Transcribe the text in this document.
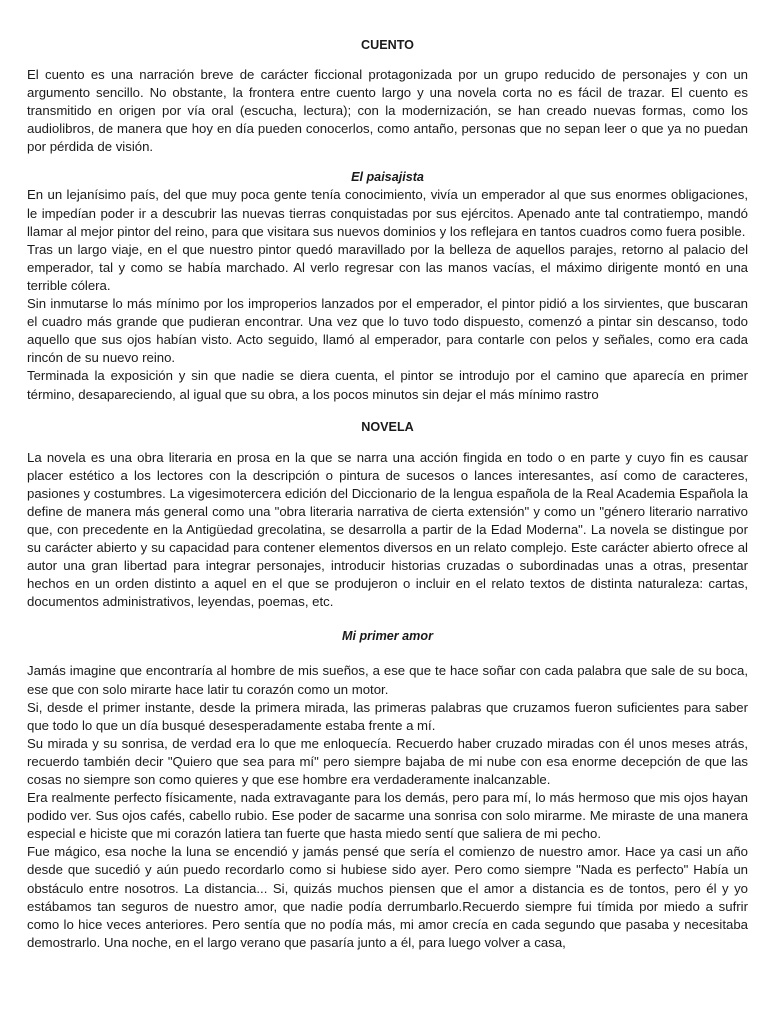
CUENTO

El cuento es una narración breve de carácter ficcional protagonizada por un grupo reducido de personajes y con un argumento sencillo. No obstante, la frontera entre cuento largo y una novela corta no es fácil de trazar. El cuento es transmitido en origen por vía oral (escucha, lectura); con la modernización, se han creado nuevas formas, como los audiolibros, de manera que hoy en día pueden conocerlos, como antaño, personas que no sepan leer o que ya no puedan por pérdida de visión.

El paisajista

En un lejanísimo país, del que muy poca gente tenía conocimiento, vivía un emperador al que sus enormes obligaciones, le impedían poder ir a descubrir las nuevas tierras conquistadas por sus ejércitos. Apenado ante tal contratiempo, mandó llamar al mejor pintor del reino, para que visitara sus nuevos dominios y los reflejara en tantos cuadros como fuera posible.

Tras un largo viaje, en el que nuestro pintor quedó maravillado por la belleza de aquellos parajes, retorno al palacio del emperador, tal y como se había marchado. Al verlo regresar con las manos vacías, el máximo dirigente montó en una terrible cólera.

Sin inmutarse lo más mínimo por los improperios lanzados por el emperador, el pintor pidió a los sirvientes, que buscaran el cuadro más grande que pudieran encontrar. Una vez que lo tuvo todo dispuesto, comenzó a pintar sin descanso, todo aquello que sus ojos habían visto. Acto seguido, llamó al emperador, para contarle con pelos y señales, como era cada rincón de su nuevo reino.

Terminada la exposición y sin que nadie se diera cuenta, el pintor se introdujo por el camino que aparecía en primer término, desapareciendo, al igual que su obra, a los pocos minutos sin dejar el más mínimo rastro

NOVELA

La novela es una obra literaria en prosa en la que se narra una acción fingida en todo o en parte y cuyo fin es causar placer estético a los lectores con la descripción o pintura de sucesos o lances interesantes, así como de caracteres, pasiones y costumbres. La vigesimotercera edición del Diccionario de la lengua española de la Real Academia Española la define de manera más general como una "obra literaria narrativa de cierta extensión" y como un "género literario narrativo que, con precedente en la Antigüedad grecolatina, se desarrolla a partir de la Edad Moderna". La novela se distingue por su carácter abierto y su capacidad para contener elementos diversos en un relato complejo. Este carácter abierto ofrece al autor una gran libertad para integrar personajes, introducir historias cruzadas o subordinadas unas a otras, presentar hechos en un orden distinto a aquel en el que se produjeron o incluir en el relato textos de distinta naturaleza: cartas, documentos administrativos, leyendas, poemas, etc.

Mi primer amor

Jamás imagine que encontraría al hombre de mis sueños, a ese que te hace soñar con cada palabra que sale de su boca, ese que con solo mirarte hace latir tu corazón como un motor.

Si, desde el primer instante, desde la primera mirada, las primeras palabras que cruzamos fueron suficientes para saber que todo lo que un día busqué desesperadamente estaba frente a mí.

Su mirada y su sonrisa, de verdad era lo que me enloquecía. Recuerdo haber cruzado miradas con él unos meses atrás, recuerdo también decir "Quiero que sea para mí" pero siempre bajaba de mi nube con esa enorme decepción de que las cosas no siempre son como quieres y que ese hombre era verdaderamente inalcanzable.

Era realmente perfecto físicamente, nada extravagante para los demás, pero para mí, lo más hermoso que mis ojos hayan podido ver. Sus ojos cafés, cabello rubio. Ese poder de sacarme una sonrisa con solo mirarme. Me miraste de una manera especial e hiciste que mi corazón latiera tan fuerte que hasta miedo sentí que saliera de mi pecho.

Fue mágico, esa noche la luna se encendió y jamás pensé que sería el comienzo de nuestro amor. Hace ya casi un año desde que sucedió y aún puedo recordarlo como si hubiese sido ayer. Pero como siempre "Nada es perfecto" Había un obstáculo entre nosotros. La distancia... Si, quizás muchos piensen que el amor a distancia es de tontos, pero él y yo estábamos tan seguros de nuestro amor, que nadie podía derrumbarlo.Recuerdo siempre fui tímida por miedo a sufrir como lo hice veces anteriores. Pero sentía que no podía más, mi amor crecía en cada segundo que pasaba y necesitaba demostrarlo. Una noche, en el largo verano que pasaría junto a él, para luego volver a casa,
